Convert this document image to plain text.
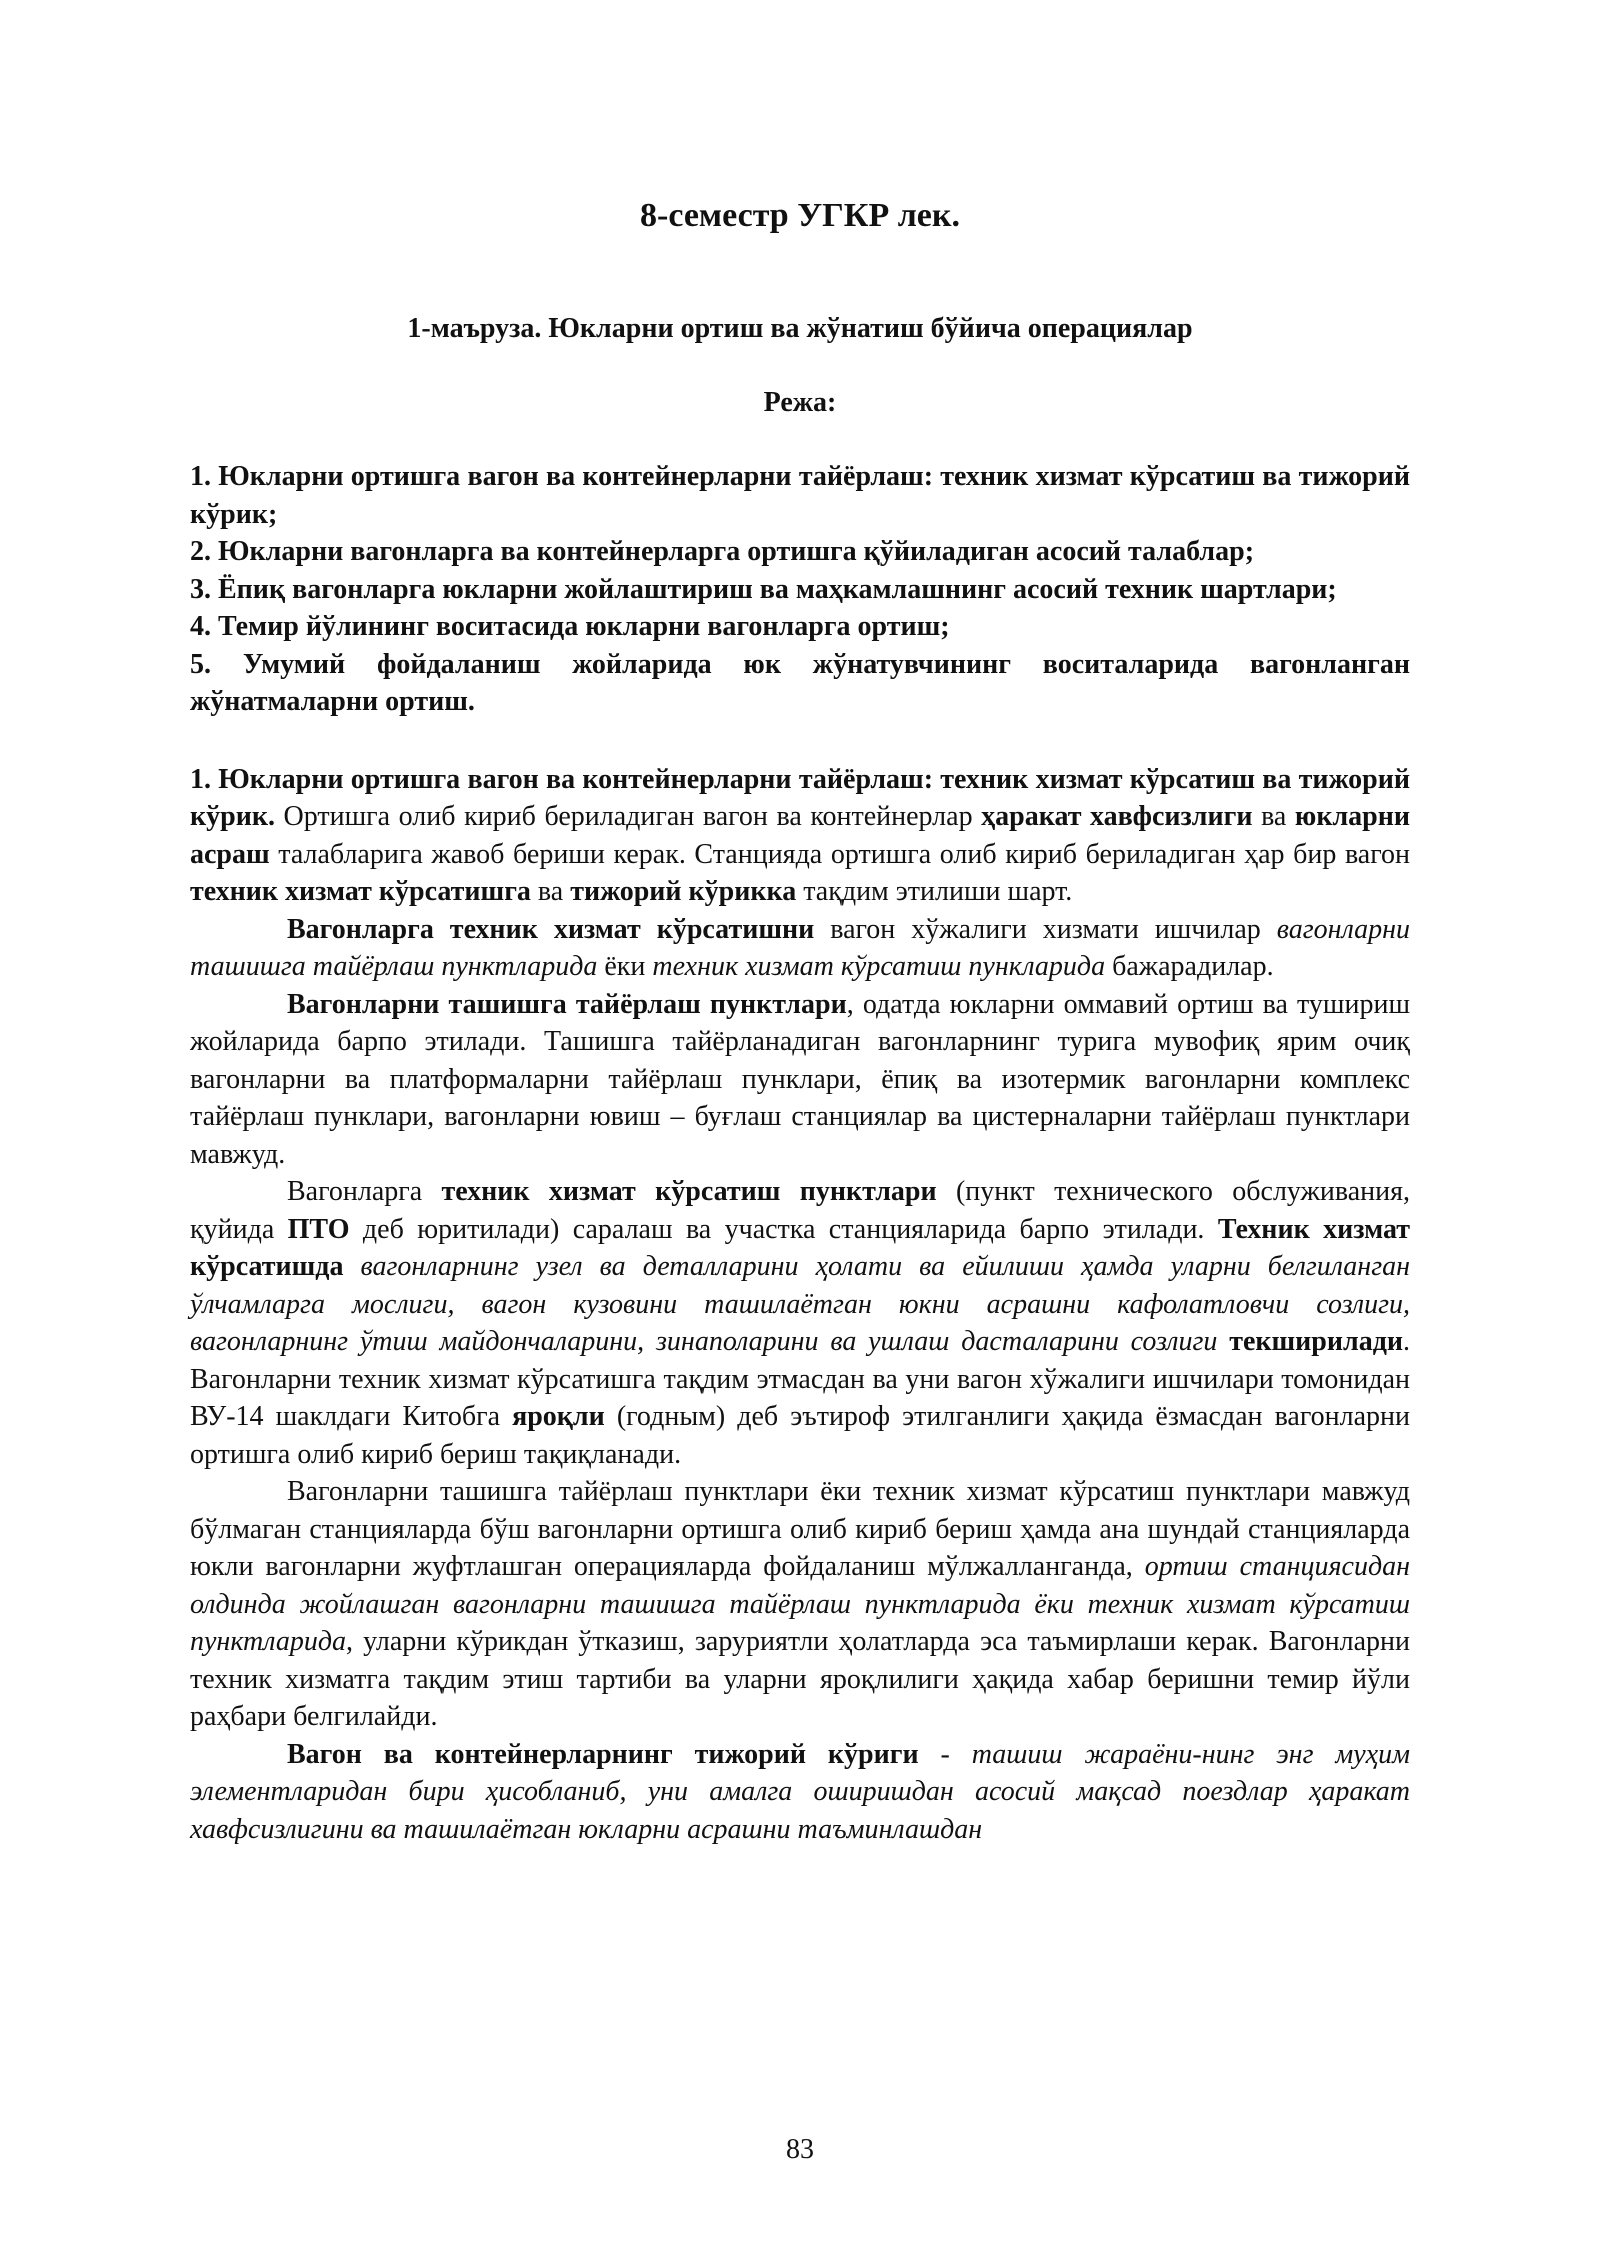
8-семестр УГКР лек.
1-маъруза. Юкларни ортиш ва жўнатиш бўйича операциялар
Режа:
1. Юкларни ортишга вагон ва контейнерларни тайёрлаш: техник хизмат кўрсатиш ва тижорий кўрик;
2. Юкларни вагонларга ва контейнерларга ортишга қўйиладиган асосий талаблар;
3. Ёпиқ вагонларга юкларни жойлаштириш ва маҳкамлашнинг асосий техник шартлари;
4. Темир йўлининг воситасида юкларни вагонларга ортиш;
5. Умумий фойдаланиш жойларида юк жўнатувчининг воситаларида вагонланган жўнатмаларни ортиш.

1. Юкларни ортишга вагон ва контейнерларни тайёрлаш: техник хизмат кўрсатиш ва тижорий кўрик. Ортишга олиб кириб бериладиган вагон ва контейнерлар ҳаракат хавфсизлиги ва юкларни асраш талабларига жавоб бериши керак. Станцияда ортишга олиб кириб бериладиган ҳар бир вагон техник хизмат кўрсатишга ва тижорий кўрикка тақдим этилиши шарт.

Вагонларга техник хизмат кўрсатишни вагон хўжалиги хизмати ишчилар вагонларни ташишга тайёрлаш пунктларида ёки техник хизмат кўрсатиш пункларида бажарадилар.

Вагонларни ташишга тайёрлаш пунктлари, одатда юкларни оммавий ортиш ва тушириш жойларида барпо этилади. Ташишга тайёрланадиган вагонларнинг турига мувофиқ ярим очиқ вагонларни ва платформаларни тайёрлаш пунклари, ёпиқ ва изотермик вагонларни комплекс тайёрлаш пунклари, вагонларни ювиш – буғлаш станциялар ва цистерналарни тайёрлаш пунктлари мавжуд.

Вагонларга техник хизмат кўрсатиш пунктлари (пункт технического обслуживания, қуйида ПТО деб юритилади) саралаш ва участка станцияларида барпо этилади. Техник хизмат кўрсатишда вагонларнинг узел ва деталларини ҳолати ва ейилиши ҳамда уларни белгиланган ўлчамларга мослиги, вагон кузовини ташилаётган юкни асрашни кафолатловчи созлиги, вагонларнинг ўтиш майдончаларини, зинаполарини ва ушлаш дасталарини созлиги текширилади. Вагонларни техник хизмат кўрсатишга тақдим этмасдан ва уни вагон хўжалиги ишчилари томонидан ВУ-14 шаклдаги Китобга яроқли (годным) деб эътироф этилганлиги ҳақида ёзмасдан вагонларни ортишга олиб кириб бериш тақиқланади.

Вагонларни ташишга тайёрлаш пунктлари ёки техник хизмат кўрсатиш пунктлари мавжуд бўлмаган станцияларда бўш вагонларни ортишга олиб кириб бериш ҳамда ана шундай станцияларда юкли вагонларни жуфтлашган операцияларда фойдаланиш мўлжалланганда, ортиш станциясидан олдинда жойлашган вагонларни ташишга тайёрлаш пунктларида ёки техник хизмат кўрсатиш пунктларида, уларни кўрикдан ўтказиш, заруриятли ҳолатларда эса таъмирлаши керак. Вагонларни техник хизматга тақдим этиш тартиби ва уларни яроқлилиги ҳақида хабар беришни темир йўли раҳбари белгилайди.

Вагон ва контейнерларнинг тижорий кўриги - ташиш жараёни-нинг энг муҳим элементларидан бири ҳисобланиб, уни амалга оширишдан асосий мақсад поездлар ҳаракат хавфсизлигини ва ташилаётган юкларни асрашни таъминлашдан

83
